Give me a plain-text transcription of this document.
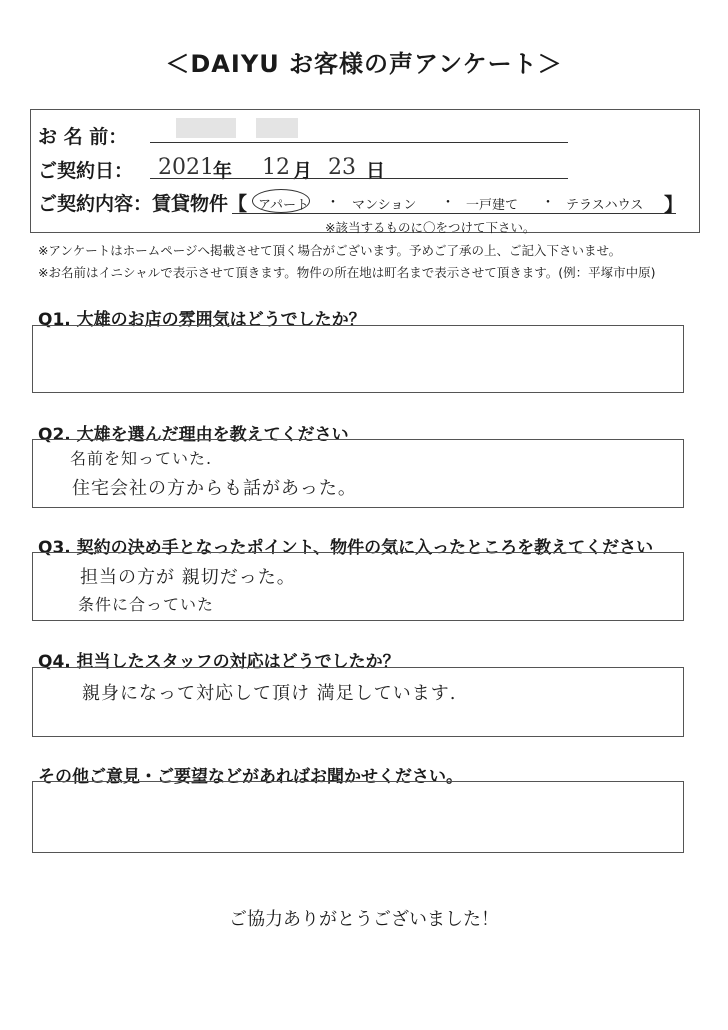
＜DAIYU お客様の声アンケート＞
お 名 前：
ご契約日： 2021 年 12 月 23 日
ご契約内容：賃貸物件【 アパート ・ マンション ・ 一戸建て ・ テラスハウス 】
※該当するものに〇をつけて下さい。
※アンケートはホームページへ掲載させて頂く場合がございます。予めご了承の上、ご記入下さいませ。
※お名前はイニシャルで表示させて頂きます。物件の所在地は町名まで表示させて頂きます。(例：平塚市中原)
Q1. 大雄のお店の雰囲気はどうでしたか？
Q2. 大雄を選んだ理由を教えてください
名前を知っていた.
住宅会社の方からも話があった。
Q3. 契約の決め手となったポイント、物件の気に入ったところを教えてください
担当の方が 親切だった。
条件に合っていた
Q4. 担当したスタッフの対応はどうでしたか？
親身になって対応して頂け 満足しています.
その他ご意見・ご要望などがあればお聞かせください。
ご協力ありがとうございました！
